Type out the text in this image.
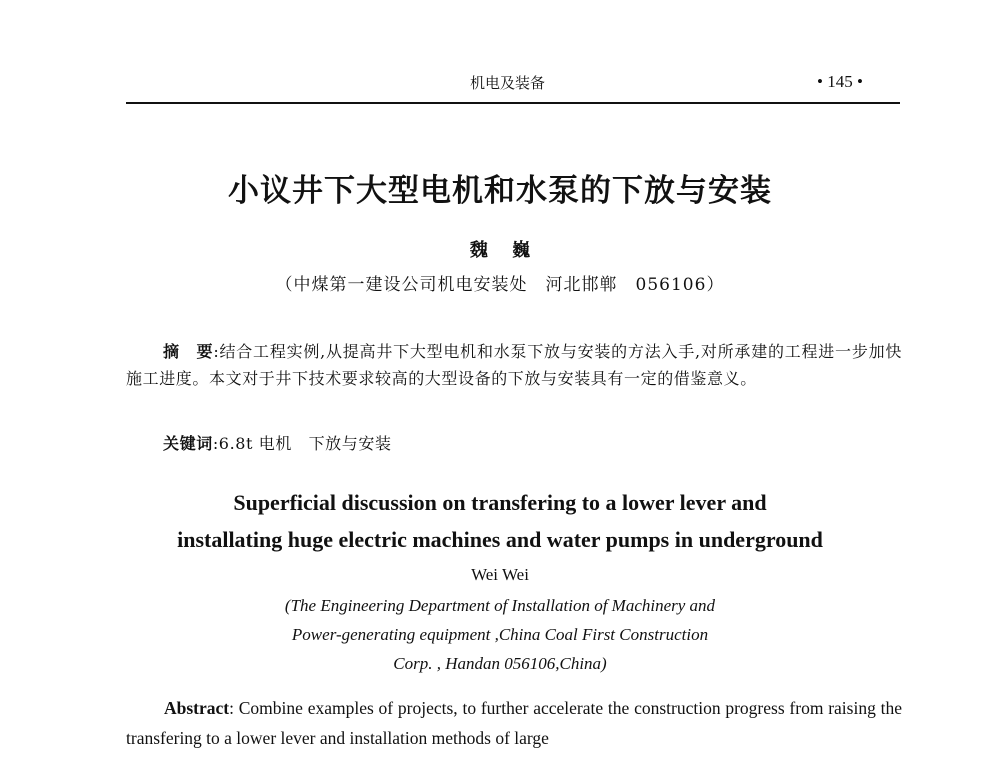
机电及装备	• 145 •
小议井下大型电机和水泵的下放与安装
魏 巍
（中煤第一建设公司机电安装处　河北邯郸　056106）
摘　要:结合工程实例,从提高井下大型电机和水泵下放与安装的方法入手,对所承建的工程进一步加快施工进度。本文对于井下技术要求较高的大型设备的下放与安装具有一定的借鉴意义。
关键词:6.8t 电机　下放与安装
Superficial discussion on transfering to a lower lever and
installating huge electric machines and water pumps in underground
Wei Wei
(The Engineering Department of Installation of Machinery and
Power-generating equipment ,China Coal First Construction
Corp. , Handan 056106,China)
Abstract: Combine examples of projects, to further accelerate the construction progress from raising the transfering to a lower lever and installation methods of large
